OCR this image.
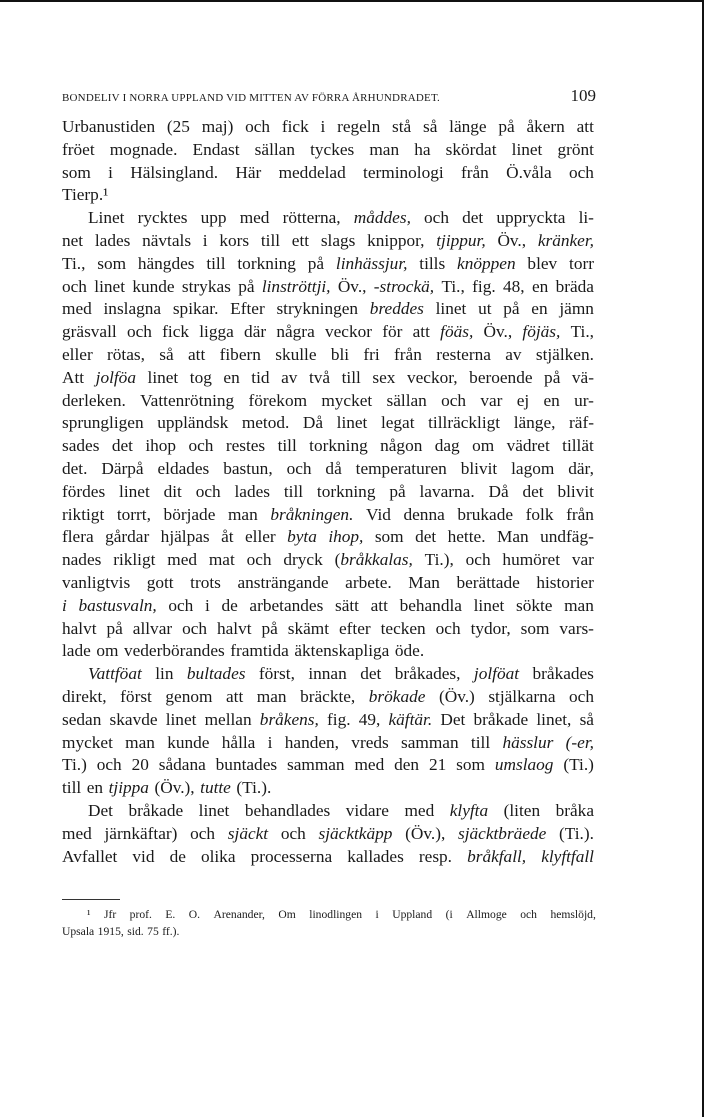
BONDELIV I NORRA UPPLAND VID MITTEN AV FÖRRA ÅRHUNDRADET.	109
Urbanustiden (25 maj) och fick i regeln stå så länge på åkern att
fröet mognade. Endast sällan tyckes man ha skördat linet grönt
som i Hälsingland. Här meddelad terminologi från Ö.våla och
Tierp.¹
Linet rycktes upp med rötterna, måddes, och det uppryckta li-
net lades nävtals i kors till ett slags knippor, tjippur, Öv., kränker,
Ti., som hängdes till torkning på linhässjur, tills knöppen blev torr
och linet kunde strykas på linströttji, Öv., -strockä, Ti., fig. 48, en bräda
med inslagna spikar. Efter strykningen breddes linet ut på en jämn
gräsvall och fick ligga där några veckor för att föäs, Öv., föjäs, Ti.,
eller rötas, så att fibern skulle bli fri från resterna av stjälken.
Att jolföa linet tog en tid av två till sex veckor, beroende på vä-
derleken. Vattenrötning förekom mycket sällan och var ej en ur-
sprungligen uppländsk metod. Då linet legat tillräckligt länge, räf-
sades det ihop och restes till torkning någon dag om vädret tillät
det. Därpå eldades bastun, och då temperaturen blivit lagom där,
fördes linet dit och lades till torkning på lavarna. Då det blivit
riktigt torrt, började man bråkningen. Vid denna brukade folk från
flera gårdar hjälpas åt eller byta ihop, som det hette. Man undfäg-
nades rikligt med mat och dryck (bråkkalas, Ti.), och humöret var
vanligtvis gott trots ansträngande arbete. Man berättade historier
i bastusvaln, och i de arbetandes sätt att behandla linet sökte man
halvt på allvar och halvt på skämt efter tecken och tydor, som vars-
lade om vederbörandes framtida äktenskapliga öde.
Vattföat lin bultades först, innan det bråkades, jolföat bråkades
direkt, först genom att man bräckte, brökade (Öv.) stjälkarna och
sedan skavde linet mellan bråkens, fig. 49, käftär. Det bråkade linet, så
mycket man kunde hålla i handen, vreds samman till hässlur (-er,
Ti.) och 20 sådana buntades samman med den 21 som umslaog (Ti.)
till en tjippa (Öv.), tutte (Ti.).
Det bråkade linet behandlades vidare med klyfta (liten bråka
med järnkäftar) och sjäckt och sjäcktkäpp (Öv.), sjäcktbräede (Ti.).
Avfallet vid de olika processerna kallades resp. bråkfall, klyftfall
¹ Jfr prof. E. O. Arenander, Om linodlingen i Uppland (i Allmoge och hemslöjd,
Upsala 1915, sid. 75 ff.).
